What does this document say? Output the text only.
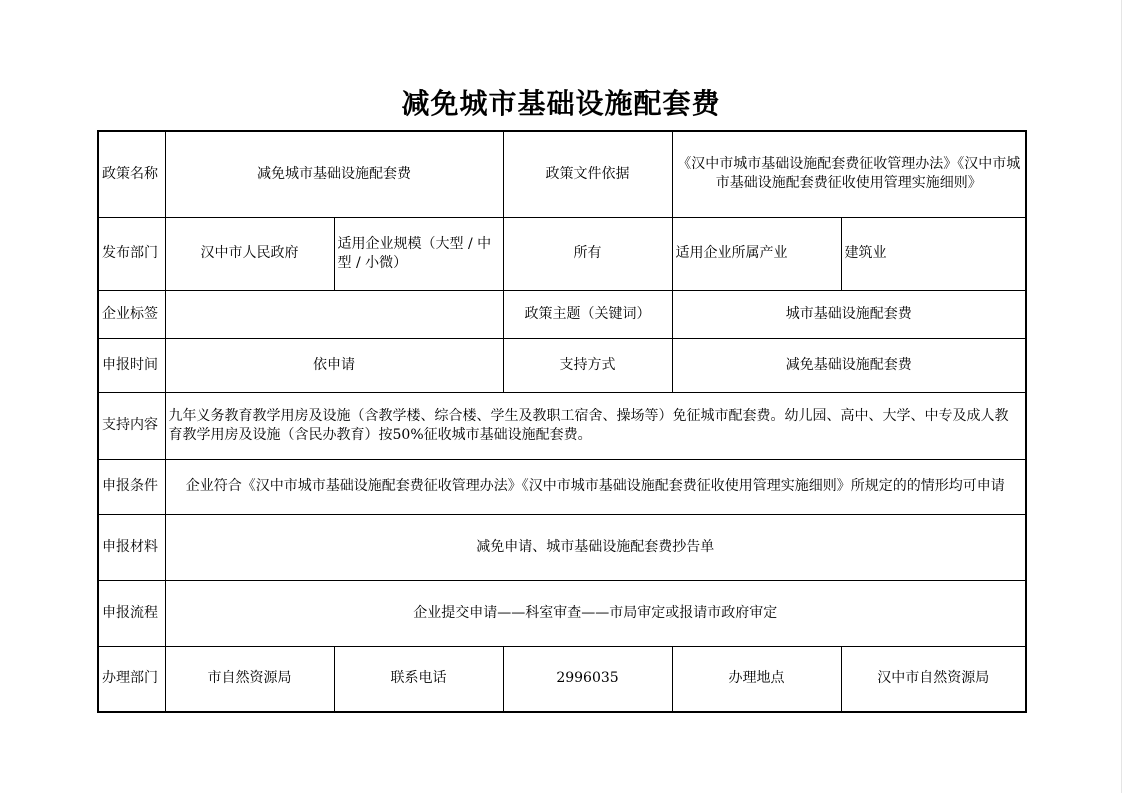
减免城市基础设施配套费
政策名称	减免城市基础设施配套费		政策文件依据	《汉中市城市基础设施配套费征收管理办法》《汉中市城市基础设施配套费征收使用管理实施细则》	
发布部门	汉中市人民政府	适用企业规模（大型 / 中型 / 小微）	所有	适用企业所属产业	建筑业
企业标签			政策主题（关键词）	城市基础设施配套费	
申报时间	依申请		支持方式	减免基础设施配套费	
支持内容	九年义务教育教学用房及设施（含教学楼、综合楼、学生及教职工宿舍、操场等）免征城市配套费。幼儿园、高中、大学、中专及成人教育教学用房及设施（含民办教育）按50%征收城市基础设施配套费。				
申报条件	企业符合《汉中市城市基础设施配套费征收管理办法》《汉中市城市基础设施配套费征收使用管理实施细则》所规定的的情形均可申请				
申报材料	减免申请、城市基础设施配套费抄告单				
申报流程	企业提交申请——科室审查——市局审定或报请市政府审定				
办理部门	市自然资源局	联系电话	2996035	办理地点	汉中市自然资源局
